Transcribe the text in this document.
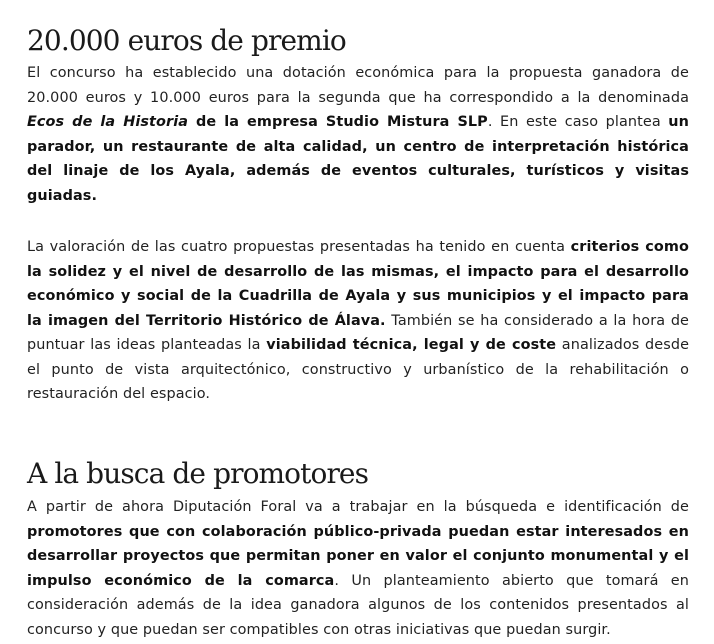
20.000 euros de premio

El concurso ha establecido una dotación económica para la propuesta ganadora de 20.000 euros y 10.000 euros para la segunda que ha correspondido a la denominada Ecos de la Historia de la empresa Studio Mistura SLP. En este caso plantea un parador, un restaurante de alta calidad, un centro de interpretación histórica del linaje de los Ayala, además de eventos culturales, turísticos y visitas guiadas.

La valoración de las cuatro propuestas presentadas ha tenido en cuenta criterios como la solidez y el nivel de desarrollo de las mismas, el impacto para el desarrollo económico y social de la Cuadrilla de Ayala y sus municipios y el impacto para la imagen del Territorio Histórico de Álava. También se ha considerado a la hora de puntuar las ideas planteadas la viabilidad técnica, legal y de coste analizados desde el punto de vista arquitectónico, constructivo y urbanístico de la rehabilitación o restauración del espacio.

A la busca de promotores

A partir de ahora Diputación Foral va a trabajar en la búsqueda e identificación de promotores que con colaboración público-privada puedan estar interesados en desarrollar proyectos que permitan poner en valor el conjunto monumental y el impulso económico de la comarca. Un planteamiento abierto que tomará en consideración además de la idea ganadora algunos de los contenidos presentados al concurso y que puedan ser compatibles con otras iniciativas que puedan surgir.
